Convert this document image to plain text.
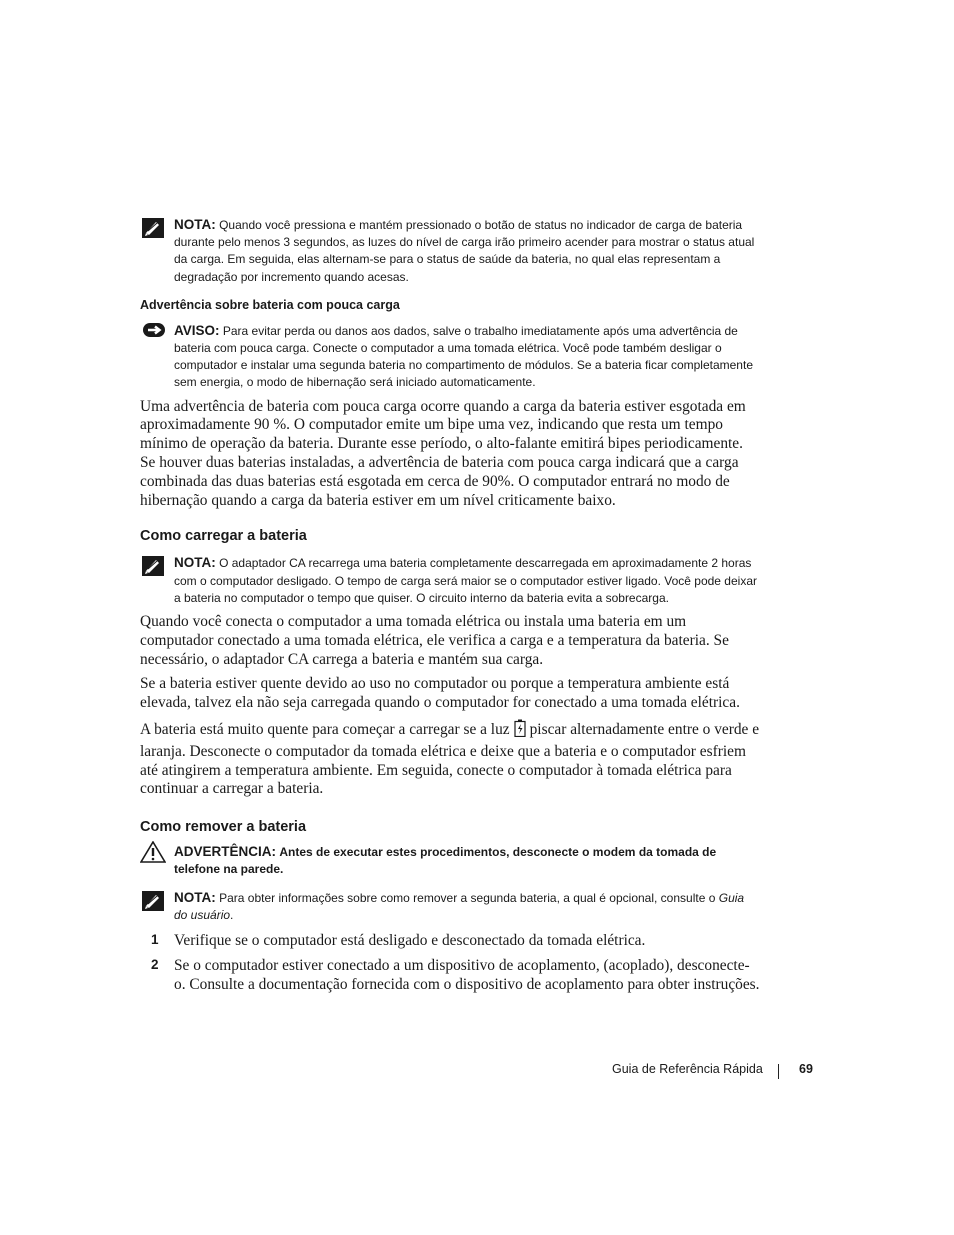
NOTA: Quando você pressiona e mantém pressionado o botão de status no indicador de carga de bateria durante pelo menos 3 segundos, as luzes do nível de carga irão primeiro acender para mostrar o status atual da carga. Em seguida, elas alternam-se para o status de saúde da bateria, no qual elas representam a degradação por incremento quando acesas.

Advertência sobre bateria com pouca carga

AVISO: Para evitar perda ou danos aos dados, salve o trabalho imediatamente após uma advertência de bateria com pouca carga. Conecte o computador a uma tomada elétrica. Você pode também desligar o computador e instalar uma segunda bateria no compartimento de módulos. Se a bateria ficar completamente sem energia, o modo de hibernação será iniciado automaticamente.

Uma advertência de bateria com pouca carga ocorre quando a carga da bateria estiver esgotada em aproximadamente 90 %. O computador emite um bipe uma vez, indicando que resta um tempo mínimo de operação da bateria. Durante esse período, o alto-falante emitirá bipes periodicamente. Se houver duas baterias instaladas, a advertência de bateria com pouca carga indicará que a carga combinada das duas baterias está esgotada em cerca de 90%. O computador entrará no modo de hibernação quando a carga da bateria estiver em um nível criticamente baixo.

Como carregar a bateria

NOTA: O adaptador CA recarrega uma bateria completamente descarregada em aproximadamente 2 horas com o computador desligado. O tempo de carga será maior se o computador estiver ligado. Você pode deixar a bateria no computador o tempo que quiser. O circuito interno da bateria evita a sobrecarga.

Quando você conecta o computador a uma tomada elétrica ou instala uma bateria em um computador conectado a uma tomada elétrica, ele verifica a carga e a temperatura da bateria. Se necessário, o adaptador CA carrega a bateria e mantém sua carga.

Se a bateria estiver quente devido ao uso no computador ou porque a temperatura ambiente está elevada, talvez ela não seja carregada quando o computador for conectado a uma tomada elétrica.

A bateria está muito quente para começar a carregar se a luz piscar alternadamente entre o verde e laranja. Desconecte o computador da tomada elétrica e deixe que a bateria e o computador esfriem até atingirem a temperatura ambiente. Em seguida, conecte o computador à tomada elétrica para continuar a carregar a bateria.

Como remover a bateria

ADVERTÊNCIA: Antes de executar estes procedimentos, desconecte o modem da tomada de telefone na parede.
NOTA: Para obter informações sobre como remover a segunda bateria, a qual é opcional, consulte o Guia do usuário.
1 Verifique se o computador está desligado e desconectado da tomada elétrica.

2 Se o computador estiver conectado a um dispositivo de acoplamento, (acoplado), desconecte-o. Consulte a documentação fornecida com o dispositivo de acoplamento para obter instruções.

Guia de Referência Rápida	69
